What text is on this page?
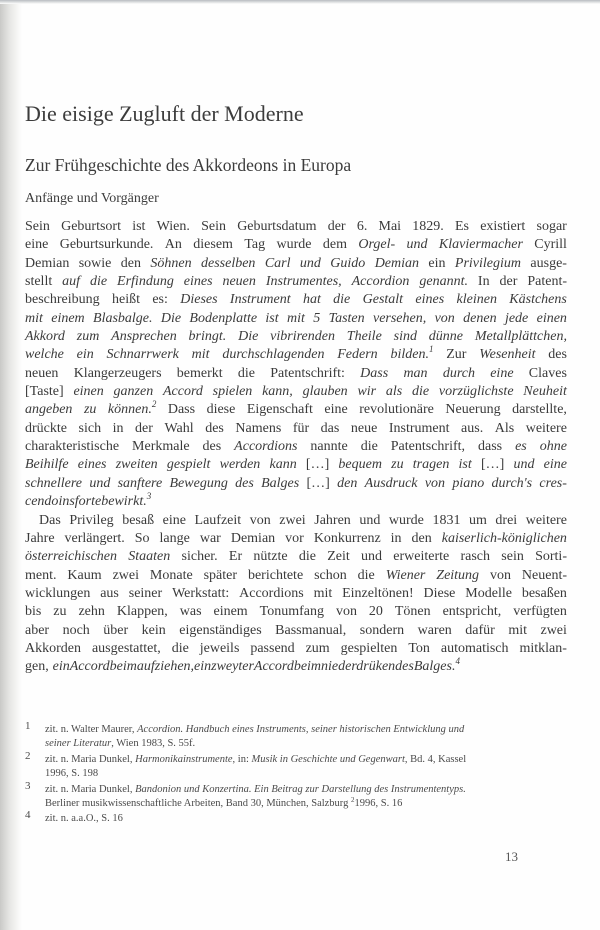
Die eisige Zugluft der Moderne
Zur Frühgeschichte des Akkordeons in Europa
Anfänge und Vorgänger
Sein Geburtsort ist Wien. Sein Geburtsdatum der 6. Mai 1829. Es existiert sogar
eine Geburtsurkunde. An diesem Tag wurde dem Orgel- und Klaviermacher Cyrill
Demian sowie den Söhnen desselben Carl und Guido Demian ein Privilegium ausge-
stellt auf die Erfindung eines neuen Instrumentes, Accordion genannt. In der Patent-
beschreibung heißt es: Dieses Instrument hat die Gestalt eines kleinen Kästchens
mit einem Blasbalge. Die Bodenplatte ist mit 5 Tasten versehen, von denen jede einen
Akkord zum Ansprechen bringt. Die vibrirenden Theile sind dünne Metallplättchen,
welche ein Schnarrwerk mit durchschlagenden Federn bilden.$^1$ Zur Wesenheit des
neuen Klangerzeugers bemerkt die Patentschrift: Dass man durch eine Claves
[Taste] einen ganzen Accord spielen kann, glauben wir als die vorzüglichste Neuheit
angeben zu können.$^2$ Dass diese Eigenschaft eine revolutionäre Neuerung darstellte,
drückte sich in der Wahl des Namens für das neue Instrument aus. Als weitere
charakteristische Merkmale des Accordions nannte die Patentschrift, dass es ohne
Beihilfe eines zweiten gespielt werden kann […] bequem zu tragen ist […] und eine
schnellere und sanftere Bewegung des Balges […] den Ausdruck von piano durch's cres-
cendo ins forte bewirkt.$^3$
Das Privileg besaß eine Laufzeit von zwei Jahren und wurde 1831 um drei weitere
Jahre verlängert. So lange war Demian vor Konkurrenz in den kaiserlich-königlichen
österreichischen Staaten sicher. Er nützte die Zeit und erweiterte rasch sein Sorti-
ment. Kaum zwei Monate später berichtete schon die Wiener Zeitung von Neuent-
wicklungen aus seiner Werkstatt: Accordions mit Einzeltönen! Diese Modelle besaßen
bis zu zehn Klappen, was einem Tonumfang von 20 Tönen entspricht, verfügten
aber noch über kein eigenständiges Bassmanual, sondern waren dafür mit zwei
Akkorden ausgestattet, die jeweils passend zum gespielten Ton automatisch mitklan-
gen, ein Accord beim aufziehen, ein zweyter Accord beim niederdrüken des Balges.$^4$
1 zit. n. Walter Maurer, Accordion. Handbuch eines Instruments, seiner historischen Entwicklung und
seiner Literatur, Wien 1983, S. 55f.
2 zit. n. Maria Dunkel, Harmonikainstrumente, in: Musik in Geschichte und Gegenwart, Bd. 4, Kassel
1996, S. 198
3 zit. n. Maria Dunkel, Bandonion und Konzertina. Ein Beitrag zur Darstellung des Instrumententyps.
Berliner musikwissenschaftliche Arbeiten, Band 30, München, Salzburg $^2$1996, S. 16
4 zit. n. a.a.O., S. 16
13
